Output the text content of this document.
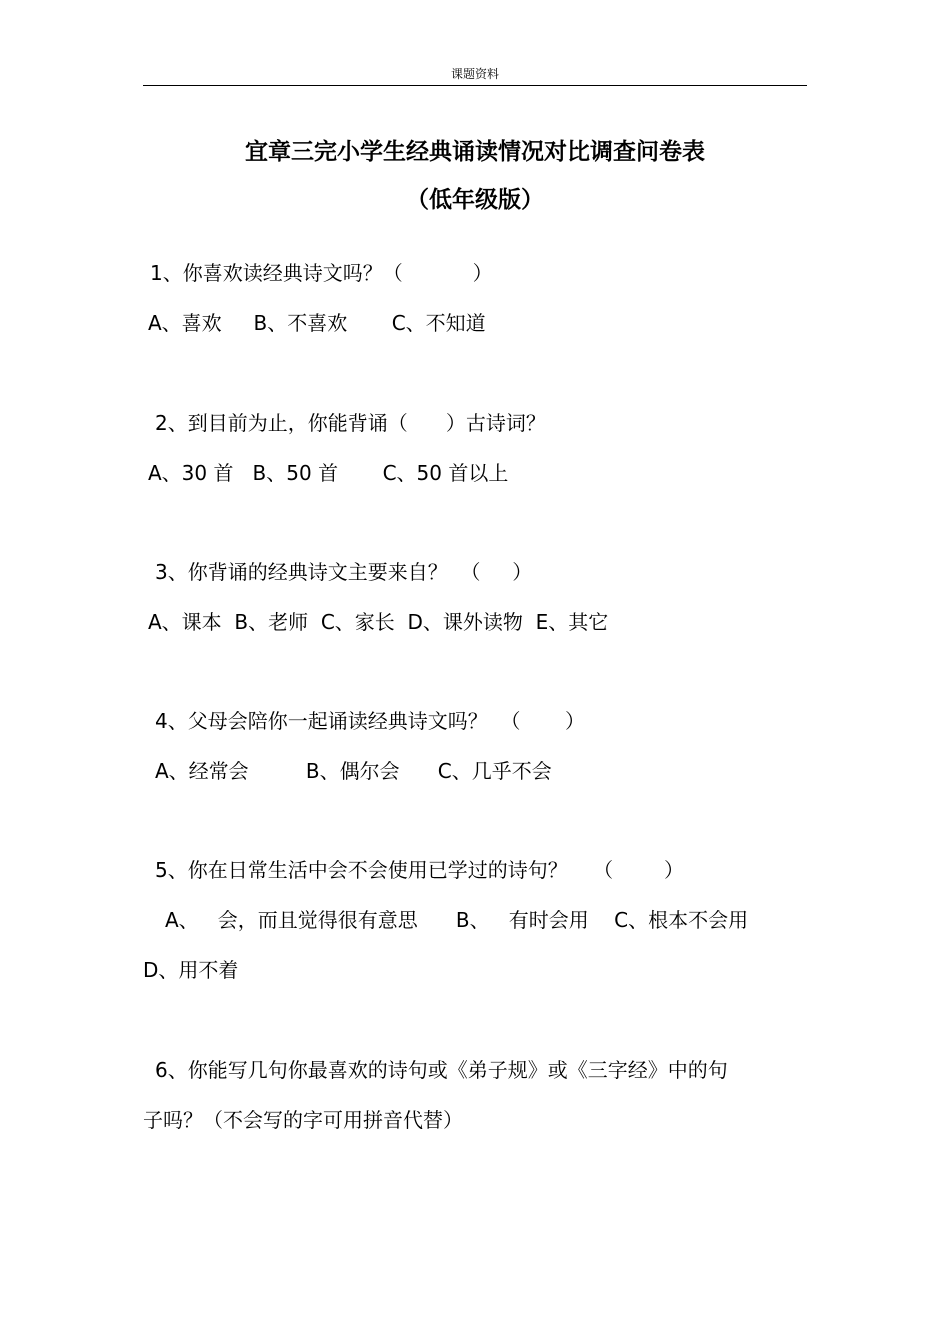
课题资料
宜章三完小学生经典诵读情况对比调查问卷表
（低年级版）
1、你喜欢读经典诗文吗？（           ）
A、喜欢     B、不喜欢       C、不知道
2、到目前为止，你能背诵（      ）古诗词？
A、30 首   B、50 首       C、50 首以上
3、你背诵的经典诗文主要来自？  （     ）
A、课本  B、老师  C、家长  D、课外读物  E、其它
4、父母会陪你一起诵读经典诗文吗？  （       ）
A、经常会         B、偶尔会      C、几乎不会
5、你在日常生活中会不会使用已学过的诗句？    （        ）
A、   会，而且觉得很有意思      B、   有时会用    C、根本不会用
D、用不着
6、你能写几句你最喜欢的诗句或《弟子规》或《三字经》中的句
子吗？（不会写的字可用拼音代替）
